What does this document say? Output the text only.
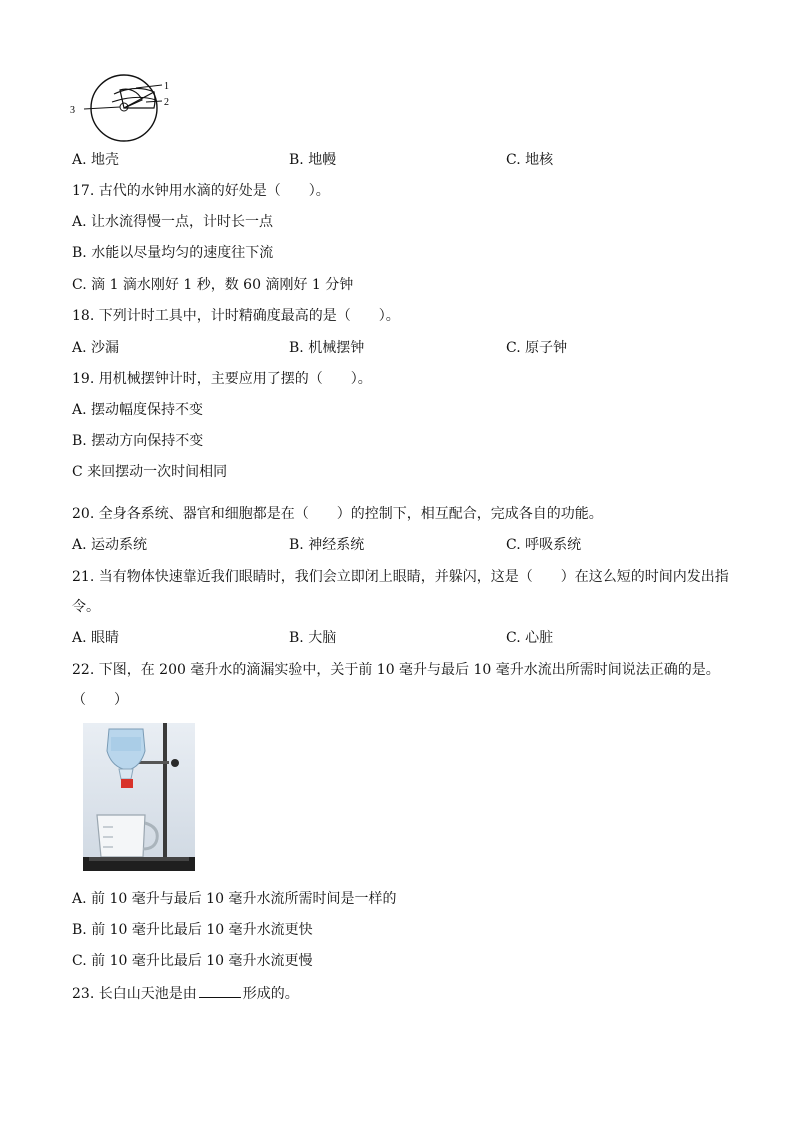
1
2
3
A. 地壳	B. 地幔	C. 地核
17. 古代的水钟用水滴的好处是（　　）。
A. 让水流得慢一点，计时长一点
B. 水能以尽量均匀的速度往下流
C. 滴 1 滴水刚好 1 秒，数 60 滴刚好 1 分钟
18. 下列计时工具中，计时精确度最高的是（　　）。
A. 沙漏	B. 机械摆钟	C. 原子钟
19. 用机械摆钟计时，主要应用了摆的（　　）。
A. 摆动幅度保持不变
B. 摆动方向保持不变
C 来回摆动一次时间相同
20. 全身各系统、器官和细胞都是在（　　）的控制下，相互配合，完成各自的功能。
A. 运动系统	B. 神经系统	C. 呼吸系统
21. 当有物体快速靠近我们眼睛时，我们会立即闭上眼睛，并躲闪，这是（　　）在这么短的时间内发出指
令。
A. 眼睛	B. 大脑	C. 心脏
22. 下图，在 200 毫升水的滴漏实验中，关于前 10 毫升与最后 10 毫升水流出所需时间说法正确的是。
（　　）
A. 前 10 毫升与最后 10 毫升水流所需时间是一样的
B. 前 10 毫升比最后 10 毫升水流更快
C. 前 10 毫升比最后 10 毫升水流更慢
23. 长白山天池是由	形成的。
